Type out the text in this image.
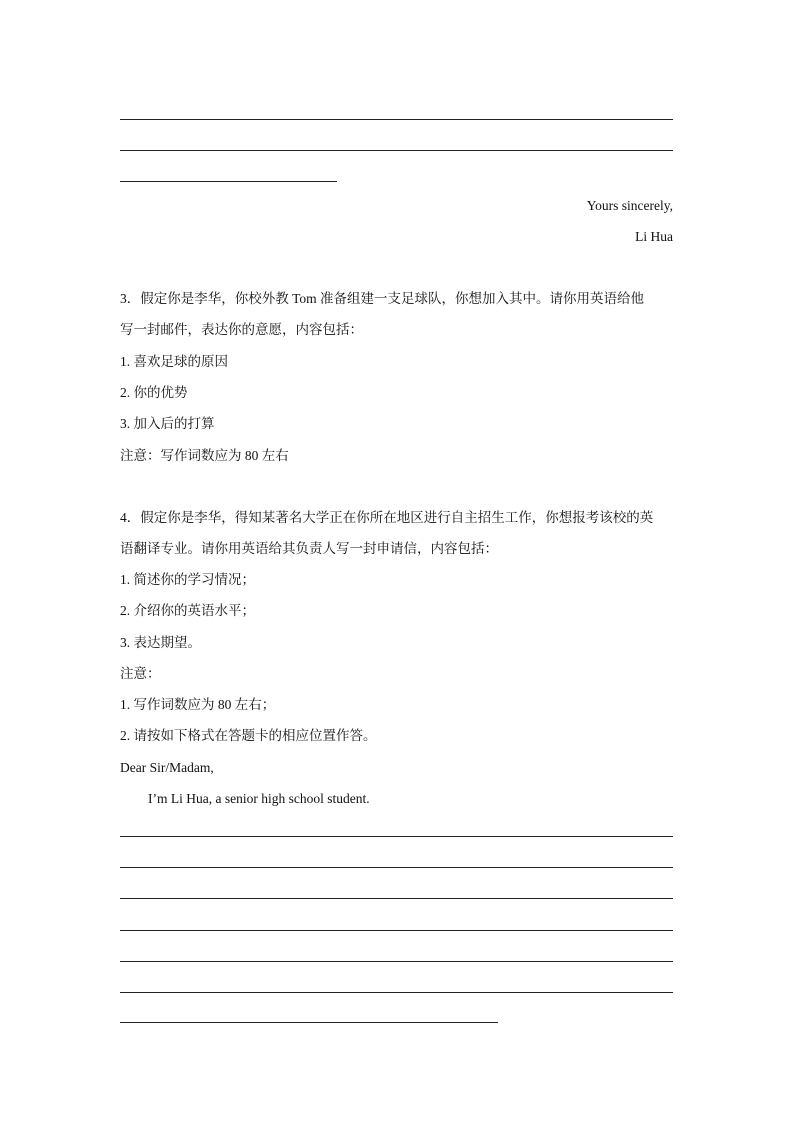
Yours sincerely,
Li Hua
3．假定你是李华，你校外教 Tom 准备组建一支足球队，你想加入其中。请你用英语给他
写一封邮件，表达你的意愿，内容包括：
1. 喜欢足球的原因
2. 你的优势
3. 加入后的打算
注意：写作词数应为 80 左右
4．假定你是李华，得知某著名大学正在你所在地区进行自主招生工作，你想报考该校的英
语翻译专业。请你用英语给其负责人写一封申请信，内容包括：
1. 简述你的学习情况；
2. 介绍你的英语水平；
3. 表达期望。
注意：
1. 写作词数应为 80 左右；
2. 请按如下格式在答题卡的相应位置作答。
Dear Sir/Madam,
I’m Li Hua, a senior high school student.
